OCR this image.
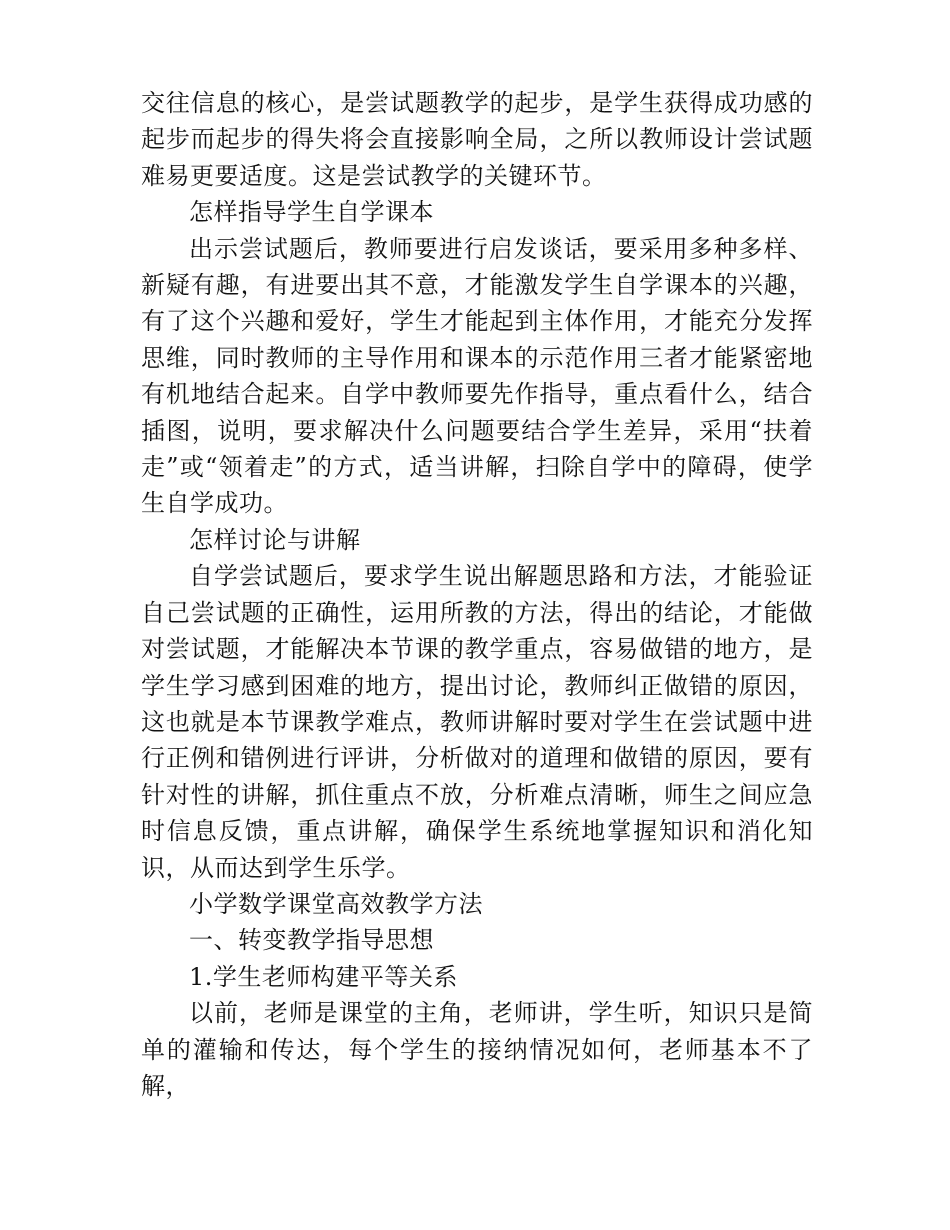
交往信息的核心，是尝试题教学的起步，是学生获得成功感的起步而起步的得失将会直接影响全局，之所以教师设计尝试题难易更要适度。这是尝试教学的关键环节。

怎样指导学生自学课本

出示尝试题后，教师要进行启发谈话，要采用多种多样、新疑有趣，有进要出其不意，才能激发学生自学课本的兴趣，有了这个兴趣和爱好，学生才能起到主体作用，才能充分发挥思维，同时教师的主导作用和课本的示范作用三者才能紧密地有机地结合起来。自学中教师要先作指导，重点看什么，结合插图，说明，要求解决什么问题要结合学生差异，采用“扶着走”或“领着走”的方式，适当讲解，扫除自学中的障碍，使学生自学成功。

怎样讨论与讲解

自学尝试题后，要求学生说出解题思路和方法，才能验证自己尝试题的正确性，运用所教的方法，得出的结论，才能做对尝试题，才能解决本节课的教学重点，容易做错的地方，是学生学习感到困难的地方，提出讨论，教师纠正做错的原因，这也就是本节课教学难点，教师讲解时要对学生在尝试题中进行正例和错例进行评讲，分析做对的道理和做错的原因，要有针对性的讲解，抓住重点不放，分析难点清晰，师生之间应急时信息反馈，重点讲解，确保学生系统地掌握知识和消化知识，从而达到学生乐学。

小学数学课堂高效教学方法

一、转变教学指导思想

1.学生老师构建平等关系

以前，老师是课堂的主角，老师讲，学生听，知识只是简单的灌输和传达，每个学生的接纳情况如何，老师基本不了解，
